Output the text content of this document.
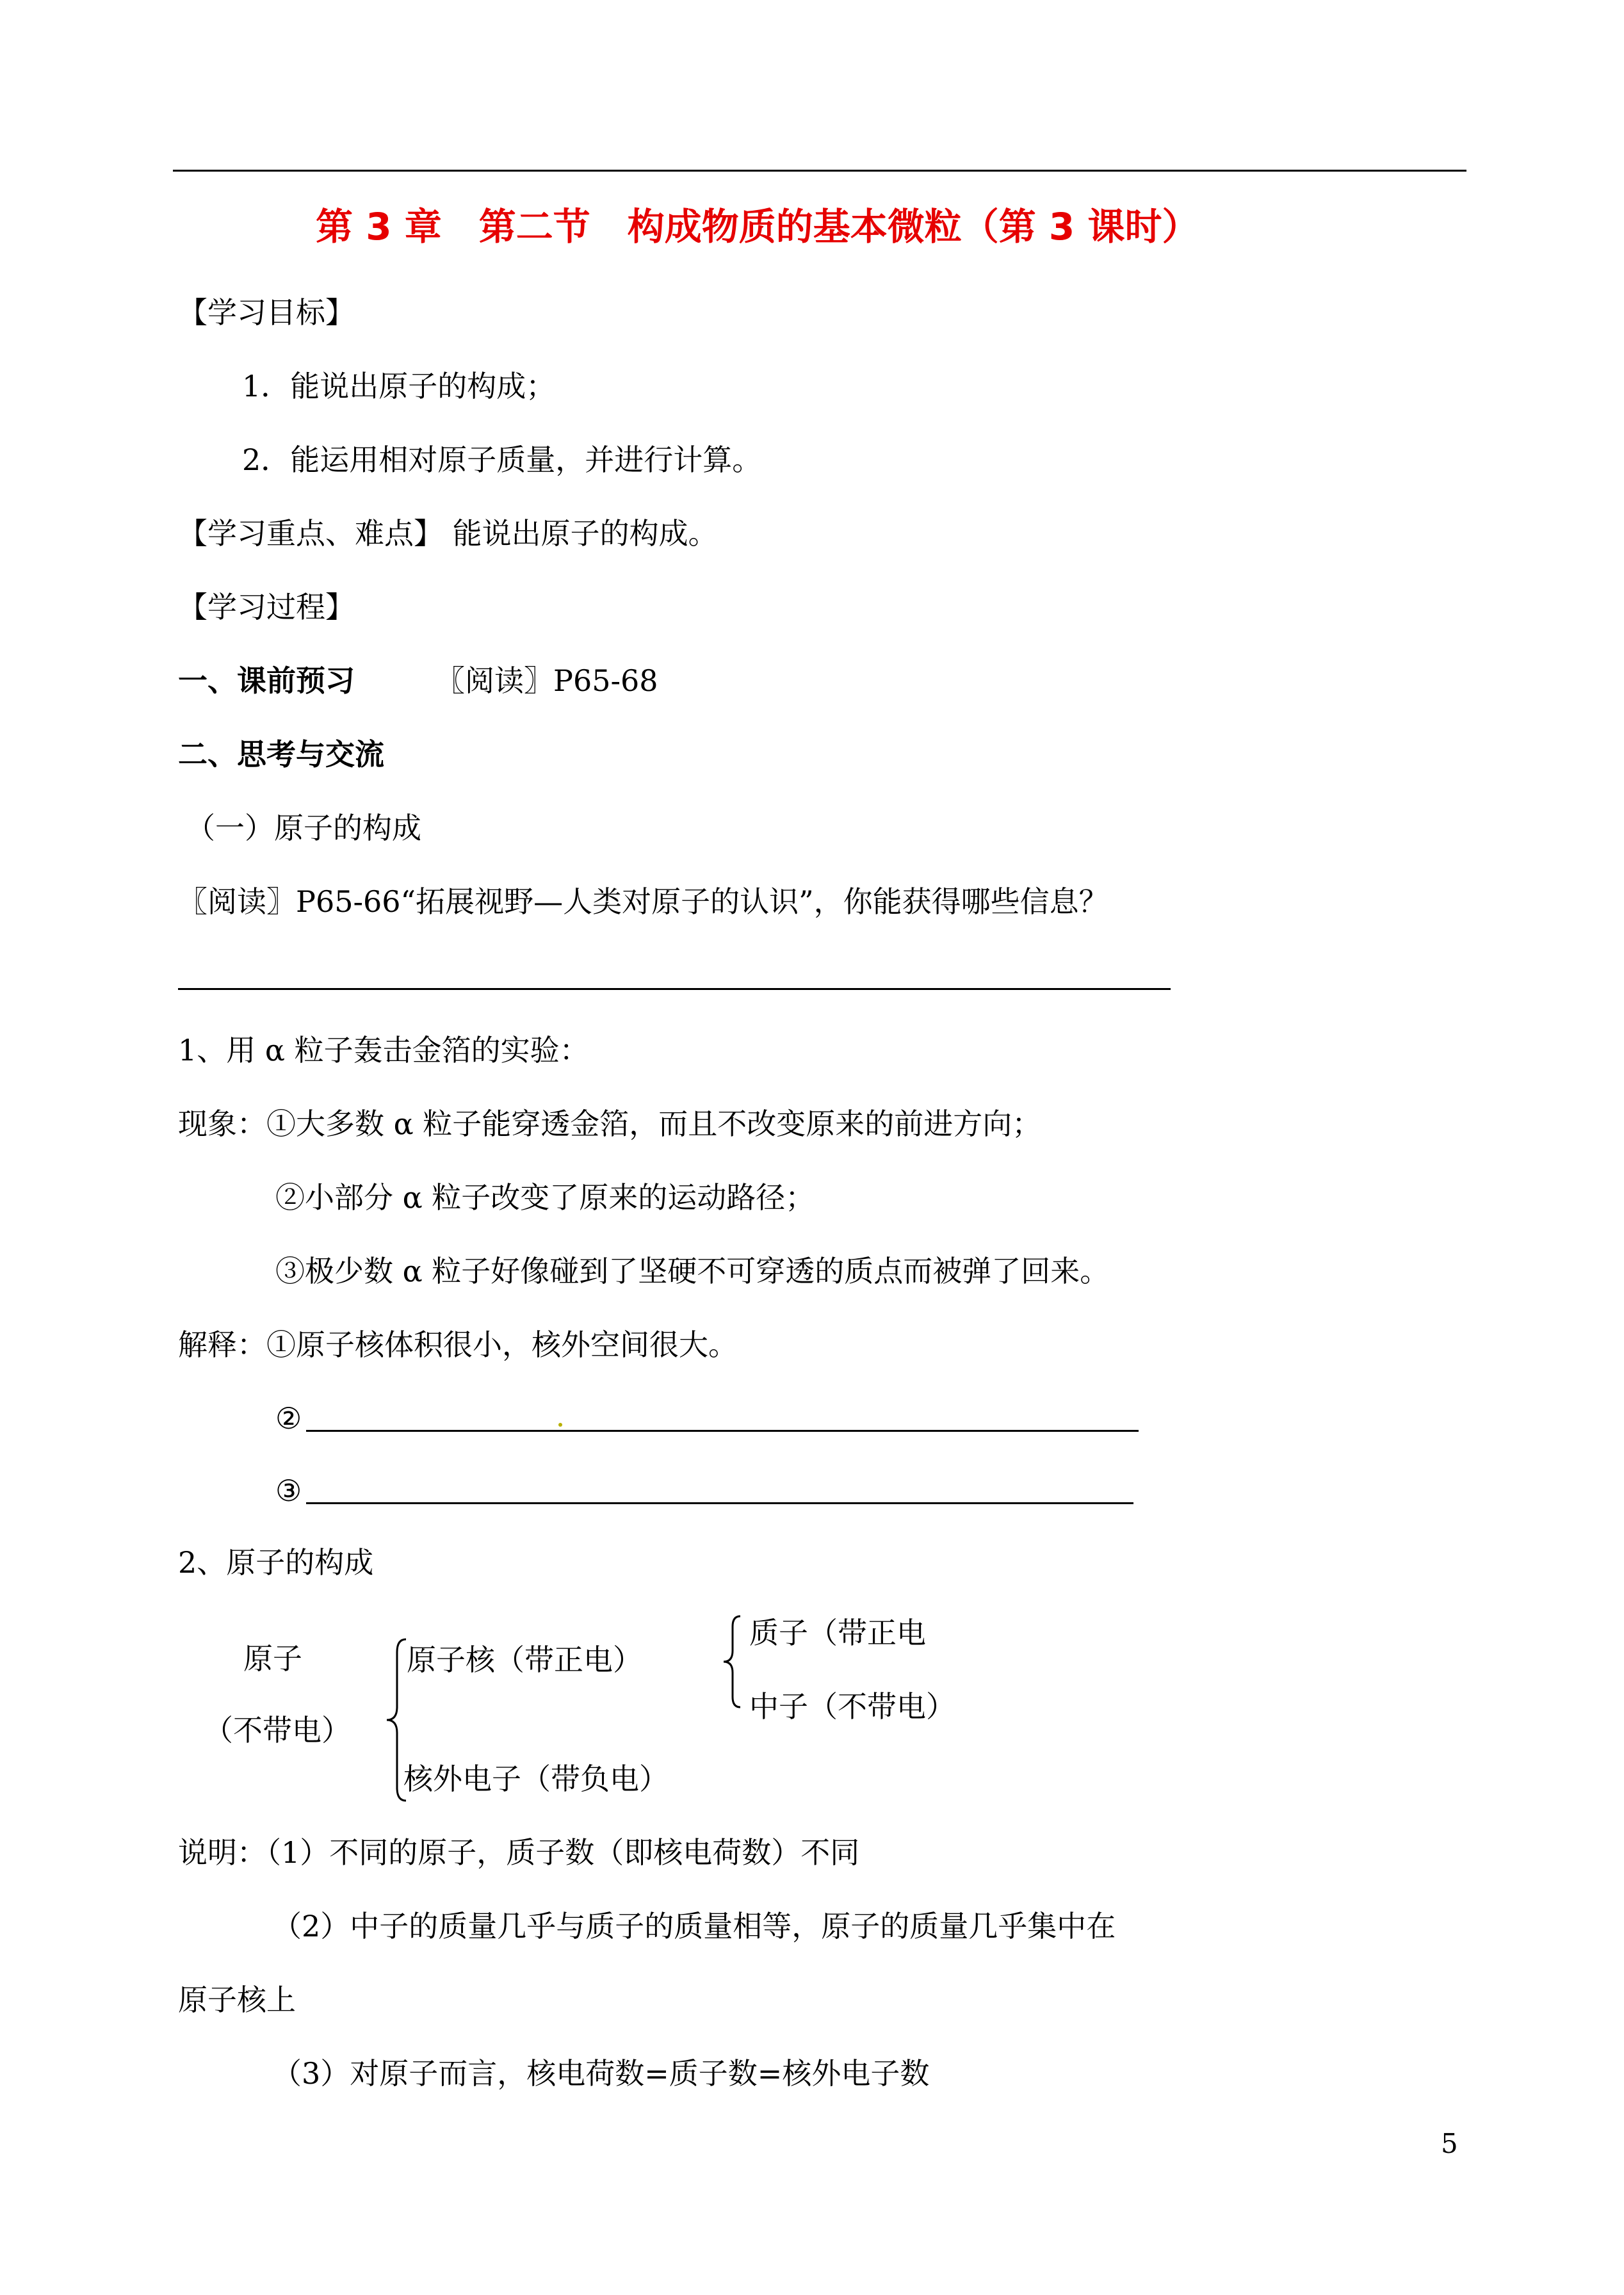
第 3 章　第二节　构成物质的基本微粒（第 3 课时）
【学习目标】
1．能说出原子的构成；
2．能运用相对原子质量，并进行计算。
【学习重点、难点】 能说出原子的构成。
【学习过程】
一、课前预习	〖阅读〗P65-68
二、思考与交流
（一）原子的构成
〖阅读〗P65-66“拓展视野—人类对原子的认识”，你能获得哪些信息？
1、用 α 粒子轰击金箔的实验：
现象：①大多数 α 粒子能穿透金箔，而且不改变原来的前进方向；
②小部分 α 粒子改变了原来的运动路径；
③极少数 α 粒子好像碰到了坚硬不可穿透的质点而被弹了回来。
解释：①原子核体积很小，核外空间很大。
②
③
2、原子的构成
原子
（不带电）
原子核（带正电）
核外电子（带负电）
质子（带正电
中子（不带电）
说明：（1）不同的原子，质子数（即核电荷数）不同
（2）中子的质量几乎与质子的质量相等，原子的质量几乎集中在
原子核上
（3）对原子而言，核电荷数=质子数=核外电子数
5
